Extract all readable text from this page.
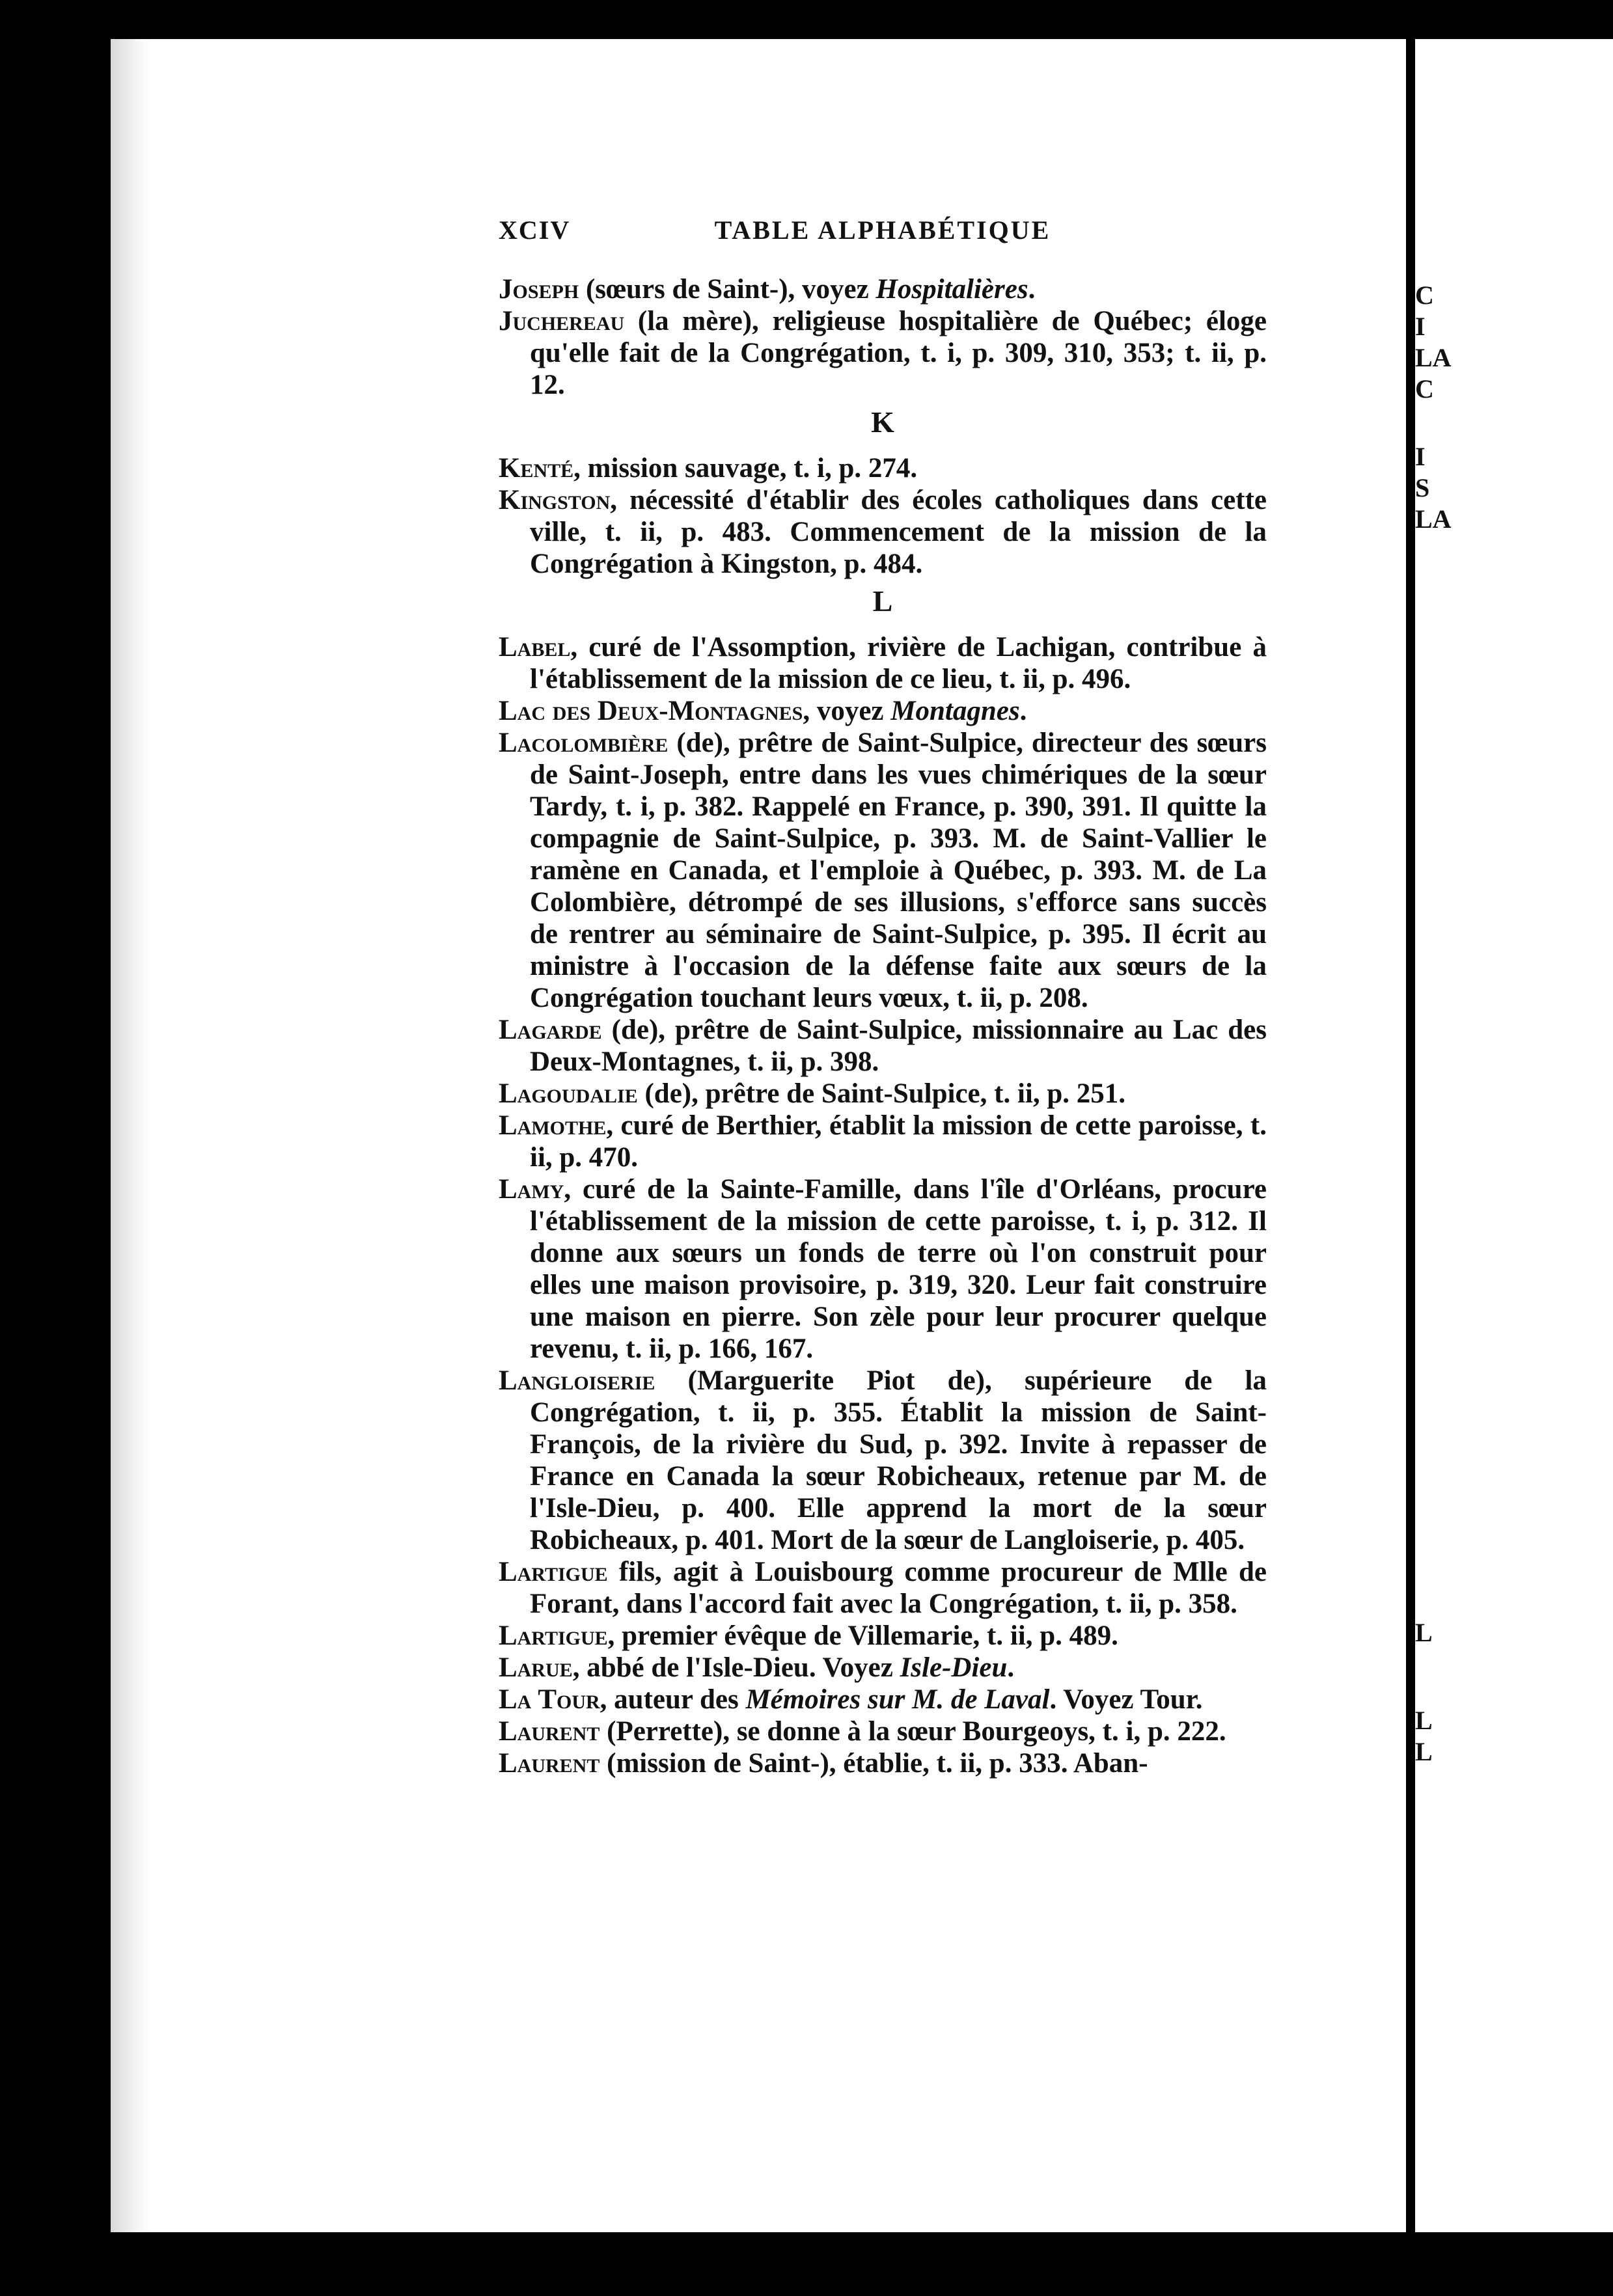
C
I
LA
C
I
S
LA
L
L
L
XCIV	TABLE ALPHABÉTIQUE

Joseph (sœurs de Saint-), voyez Hospitalières.

Juchereau (la mère), religieuse hospitalière de Québec; éloge qu'elle fait de la Congrégation, t. i, p. 309, 310, 353; t. ii, p. 12.

K

Kenté, mission sauvage, t. i, p. 274.

Kingston, nécessité d'établir des écoles catholiques dans cette ville, t. ii, p. 483. Commencement de la mission de la Congrégation à Kingston, p. 484.

L

Label, curé de l'Assomption, rivière de Lachigan, contribue à l'établissement de la mission de ce lieu, t. ii, p. 496.

Lac des Deux-Montagnes, voyez Montagnes.

Lacolombière (de), prêtre de Saint-Sulpice, directeur des sœurs de Saint-Joseph, entre dans les vues chimériques de la sœur Tardy, t. i, p. 382. Rappelé en France, p. 390, 391. Il quitte la compagnie de Saint-Sulpice, p. 393. M. de Saint-Vallier le ramène en Canada, et l'emploie à Québec, p. 393. M. de La Colombière, détrompé de ses illusions, s'efforce sans succès de rentrer au séminaire de Saint-Sulpice, p. 395. Il écrit au ministre à l'occasion de la défense faite aux sœurs de la Congrégation touchant leurs vœux, t. ii, p. 208.

Lagarde (de), prêtre de Saint-Sulpice, missionnaire au Lac des Deux-Montagnes, t. ii, p. 398.

Lagoudalie (de), prêtre de Saint-Sulpice, t. ii, p. 251.

Lamothe, curé de Berthier, établit la mission de cette paroisse, t. ii, p. 470.

Lamy, curé de la Sainte-Famille, dans l'île d'Orléans, procure l'établissement de la mission de cette paroisse, t. i, p. 312. Il donne aux sœurs un fonds de terre où l'on construit pour elles une maison provisoire, p. 319, 320. Leur fait construire une maison en pierre. Son zèle pour leur procurer quelque revenu, t. ii, p. 166, 167.

Langloiserie (Marguerite Piot de), supérieure de la Congrégation, t. ii, p. 355. Établit la mission de Saint-François, de la rivière du Sud, p. 392. Invite à repasser de France en Canada la sœur Robicheaux, retenue par M. de l'Isle-Dieu, p. 400. Elle apprend la mort de la sœur Robicheaux, p. 401. Mort de la sœur de Langloiserie, p. 405.

Lartigue fils, agit à Louisbourg comme procureur de Mlle de Forant, dans l'accord fait avec la Congrégation, t. ii, p. 358.

Lartigue, premier évêque de Villemarie, t. ii, p. 489.

Larue, abbé de l'Isle-Dieu. Voyez Isle-Dieu.

La Tour, auteur des Mémoires sur M. de Laval. Voyez Tour.

Laurent (Perrette), se donne à la sœur Bourgeoys, t. i, p. 222.

Laurent (mission de Saint-), établie, t. ii, p. 333. Aban-
